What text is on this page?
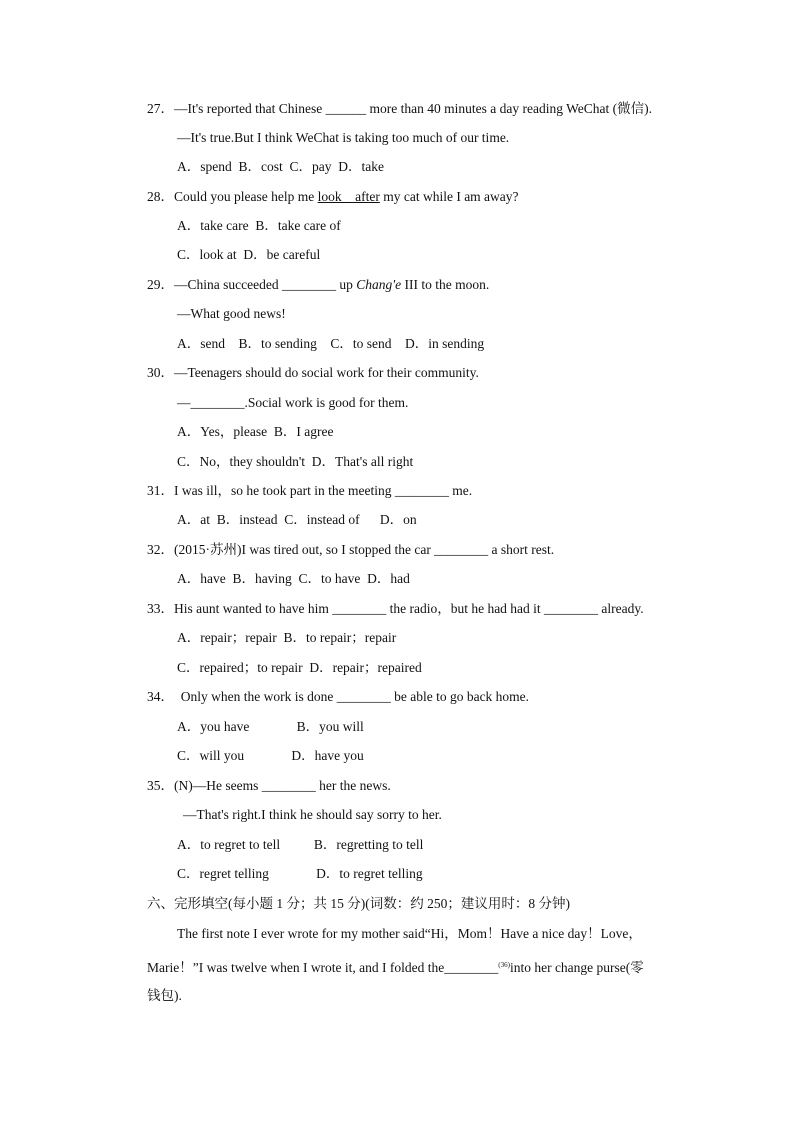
27．—It's reported that Chinese ______ more than 40 minutes a day reading WeChat (微信).
—It's true.But I think WeChat is taking too much of our time.
A．spend  B．cost  C．pay  D．take
28．Could you please help me look    after my cat while I am away?
A．take care  B．take care of
C．look at  D．be careful
29．—China succeeded ________ up Chang'e III to the moon.
—What good news!
A．send    B．to sending    C．to send    D．in sending
30．—Teenagers should do social work for their community.
—________.Social work is good for them.
A．Yes，please  B．I agree
C．No，they shouldn't  D．That's all right
31．I was ill，so he took part in the meeting ________ me.
A．at  B．instead  C．instead of      D．on
32．(2015·苏州)I was tired out, so I stopped the car ________ a short rest.
A．have  B．having  C．to have  D．had
33．His aunt wanted to have him ________ the radio，but he had had it ________ already.
A．repair；repair  B．to repair；repair
C．repaired；to repair  D．repair；repaired
34．  Only when the work is done ________ be able to go back home.
A．you have              B．you will
C．will you              D．have you
35．(N)—He seems ________ her the news.
—That's right.I think he should say sorry to her.
A．to regret to tell          B．regretting to tell
C．regret telling              D．to regret telling
六、完形填空(每小题 1 分；共 15 分)(词数：约 250；建议用时：8 分钟)
The first note I ever wrote for my mother said“Hi，Mom！Have a nice day！Love，
Marie！”I was twelve when I wrote it, and I folded the________$^{(36)}$into her change purse(零
钱包).
